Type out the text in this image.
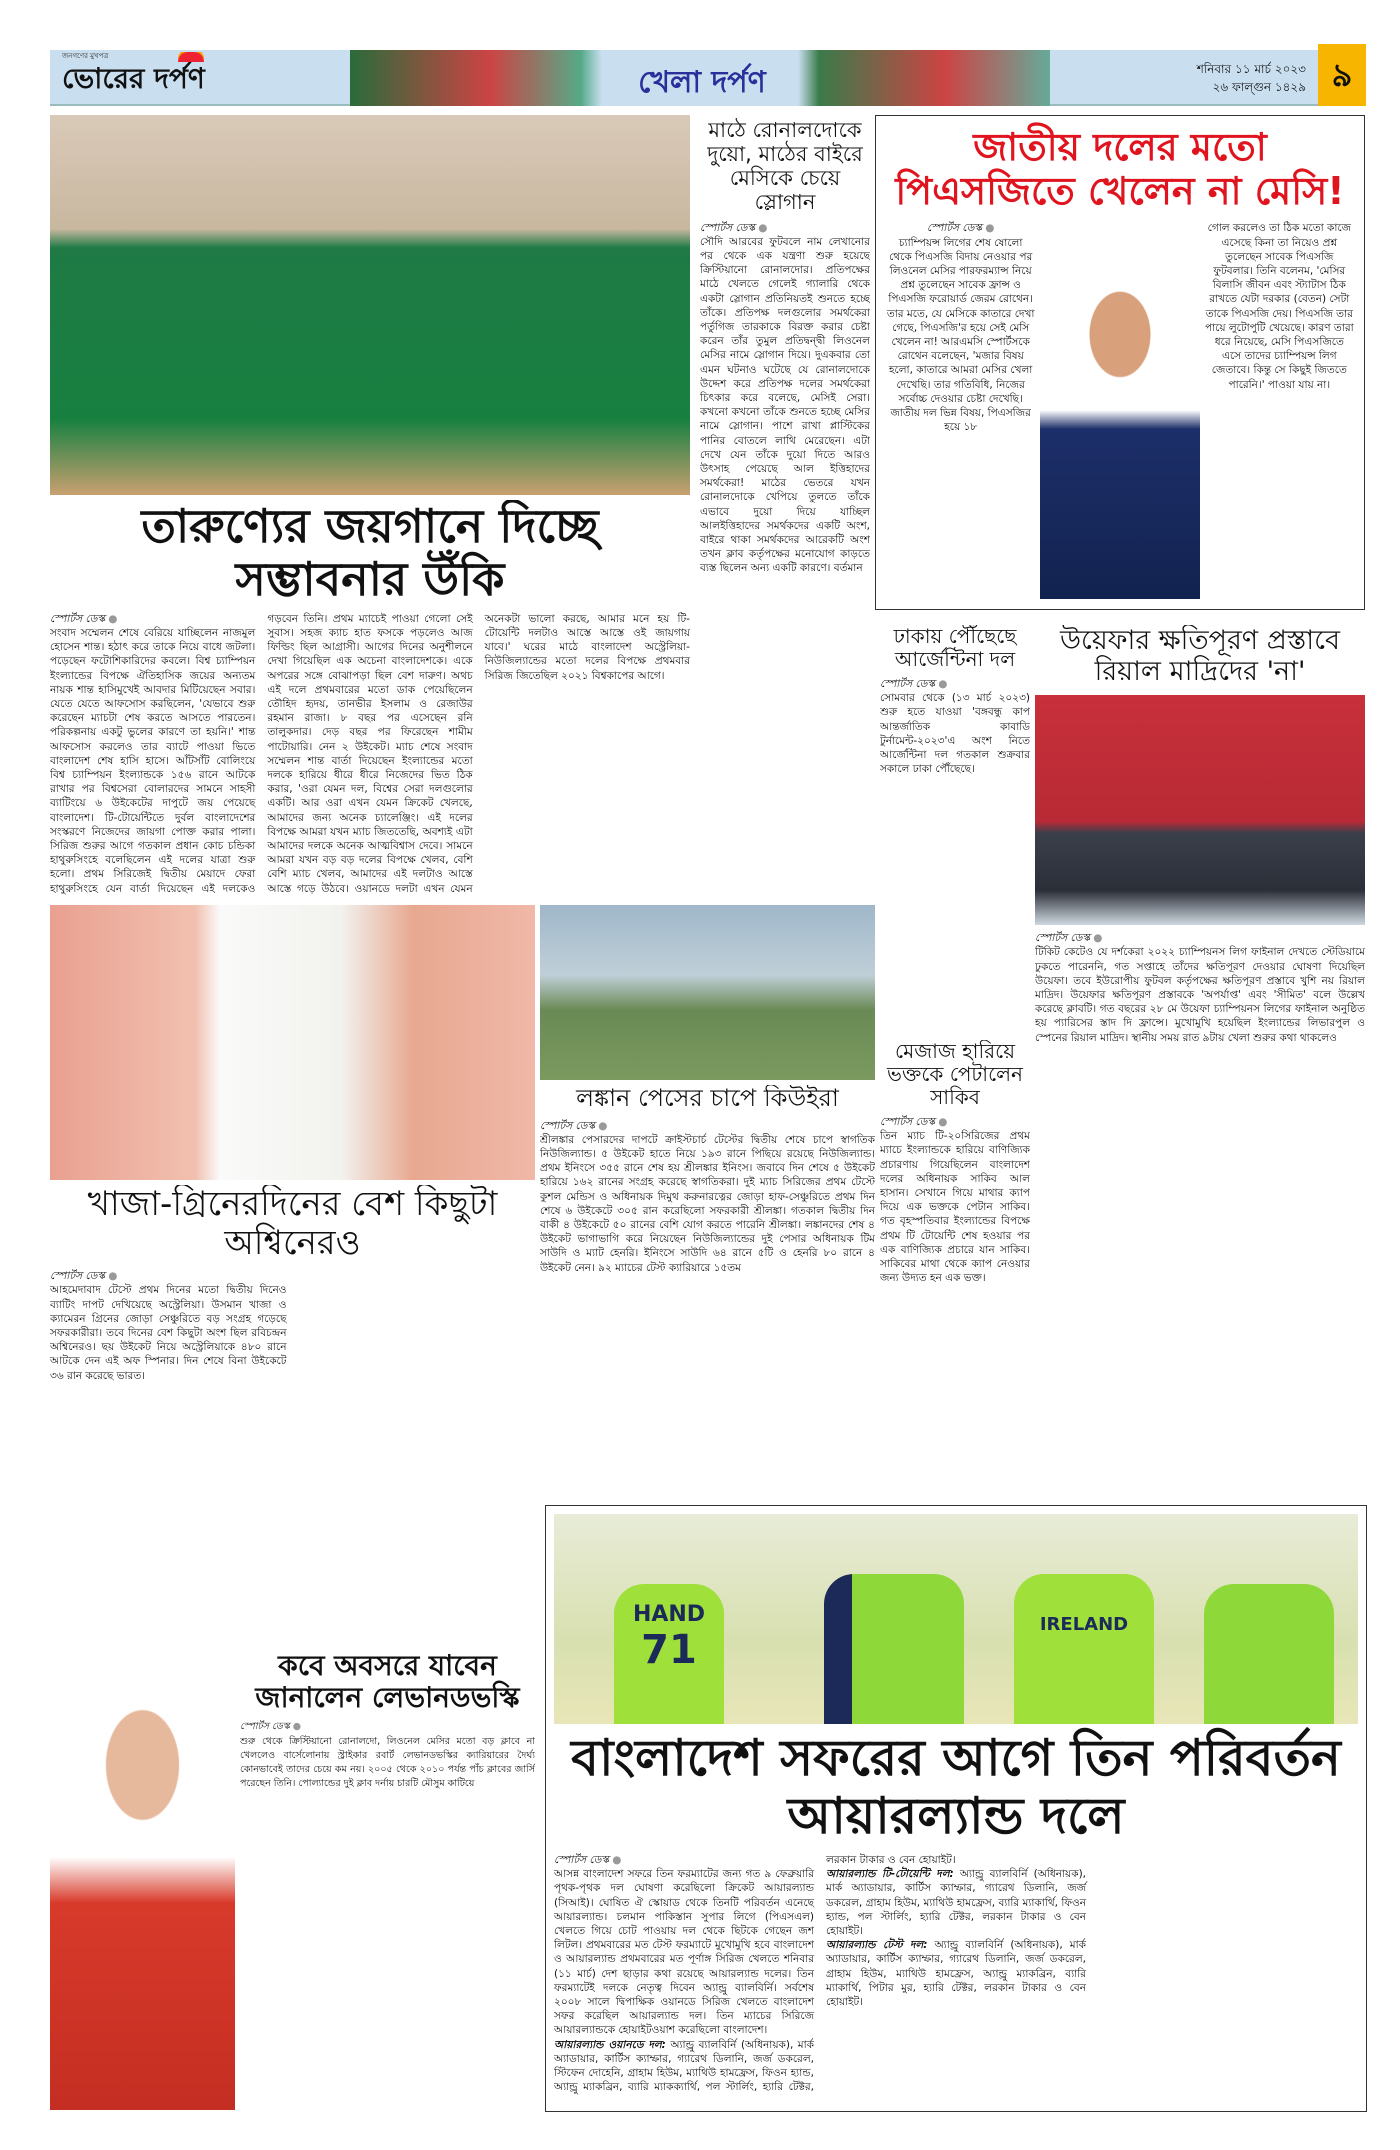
জনগণের মুখপত্র
ভোরের দর্পণ	খেলা দর্পণ	শনিবার ১১ মার্চ ২০২৩
২৬ ফাল্গুন ১৪২৯ ৯
তারুণ্যের জয়গানে দিচ্ছে সম্ভাবনার উঁকি
স্পোর্টস ডেস্ক ●
সংবাদ সম্মেলন শেষে বেরিয়ে যাচ্ছিলেন নাজমুল হোসেন শান্ত। হঠাৎ করে তাকে নিয়ে বাধে জটলা। পড়েছেন ফটোশিকারিদের কবলে। বিশ্ব চ্যাম্পিয়ন ইংল্যান্ডের বিপক্ষে ঐতিহাসিক জয়ের অন্যতম নায়ক শান্ত হাসিমুখেই আবদার মিটিয়েছেন সবার। যেতে যেতে আফসোস করছিলেন, 'যেভাবে শুরু করেছেন ম্যাচটা শেষ করতে আসতে পারতেন। পরিকল্পনায় একটু ভুলের কারণে তা হয়নি।' শান্ত আফসোস করলেও তার ব্যাটে পাওয়া ভিতে বাংলাদেশ শেষ হাসি হাসে। আঁটসাঁট বোলিংয়ে বিশ্ব চ্যাম্পিয়ন ইংল্যান্ডকে ১৫৬ রানে আটকে রাখার পর বিশ্বসেরা বোলারদের সামনে সাহসী ব্যাটিংয়ে ৬ উইকেটের দাপুটে জয় পেয়েছে বাংলাদেশ। টি-টোয়েন্টিতে দুর্বল বাংলাদেশের সংস্করণে নিজেদের জায়গা পোক্ত করার পালা। সিরিজ শুরুর আগে গতকাল প্রধান কোচ চন্ডিকা হাথুরুসিংহে বলেছিলেন এই দলের যাত্রা শুরু হলো। প্রথম সিরিজেই দ্বিতীয় মেয়াদে ফেরা হাথুরুসিংহে যেন বার্তা দিয়েছেন এই দলকেও গড়বেন তিনি। প্রথম ম্যাচেই পাওয়া গেলো সেই সুবাস। সহজ ক্যাচ হাত ফসকে পড়লেও আজ ফিল্ডিং ছিল আগ্রাসী। আগের দিনের অনুশীলনে দেখা গিয়েছিল এক অচেনা বাংলাদেশকে। একে অপরের সঙ্গে বোঝাপড়া ছিল বেশ দারুণ। অথচ এই দলে প্রথমবারের মতো ডাক পেয়েছিলেন তৌহিদ হৃদয়, তানভীর ইসলাম ও রেজাউর রহমান রাজা। ৮ বছর পর এসেছেন রনি তালুকদার। দেড় বছর পর ফিরেছেন শামীম পাটোয়ারি। নেন ২ উইকেট। ম্যাচ শেষে সংবাদ সম্মেলন শান্ত বার্তা দিয়েছেন ইংল্যান্ডের মতো দলকে হারিয়ে ধীরে ধীরে নিজেদের ভিত ঠিক করার, 'ওরা যেমন দল, বিশ্বের সেরা দলগুলোর একটি। আর ওরা এখন যেমন ক্রিকেট খেলছে, আমাদের জন্য অনেক চ্যালেঞ্জিং। এই দলের বিপক্ষে আমরা যখন ম্যাচ জিততেছি, অবশ্যই এটা আমাদের দলকে অনেক আত্মবিশ্বাস দেবে। সামনে আমরা যখন বড় বড় দলের বিপক্ষে খেলব, বেশি বেশি ম্যাচ খেলব, আমাদের এই দলটাও আস্তে আস্তে গড়ে উঠবে। ওয়ানডে দলটা এখন যেমন অনেকটা ভালো করছে, আমার মনে হয় টি-টোয়েন্টি দলটাও আস্তে আস্তে ওই জায়গায় যাবে।' ঘরের মাঠে বাংলাদেশ অস্ট্রেলিয়া-নিউজিল্যান্ডের মতো দলের বিপক্ষে প্রথমবার সিরিজ জিতেছিল ২০২১ বিশ্বকাপের আগে।
মাঠে রোনালদোকে দুয়ো, মাঠের বাইরে মেসিকে চেয়ে স্লোগান
স্পোর্টস ডেস্ক ●
সৌদি আরবের ফুটবলে নাম লেখানোর পর থেকে এক যন্ত্রণা শুরু হয়েছে ক্রিস্টিয়ানো রোনালদোর। প্রতিপক্ষের মাঠে খেলতে গেলেই গ্যালারি থেকে একটা স্লোগান প্রতিনিয়তই শুনতে হচ্ছে তাঁকে। প্রতিপক্ষ দলগুলোর সমর্থকেরা পর্তুগিজ তারকাকে বিরক্ত করার চেষ্টা করেন তাঁর তুমুল প্রতিদ্বন্দ্বী লিওনেল মেসির নামে স্লোগান দিয়ে। দুএকবার তো এমন ঘটনাও ঘটেছে যে রোনালদোকে উদ্দেশ করে প্রতিপক্ষ দলের সমর্থকেরা চিৎকার করে বলেছে, মেসিই সেরা। কখনো কখনো তাঁকে শুনতে হচ্ছে মেসির নামে স্লোগান। পাশে রাখা প্লাস্টিকের পানির বোতলে লাথি মেরেছেন। এটা দেখে যেন তাঁকে দুয়ো দিতে আরও উৎসাহ পেয়েছে আল ইত্তিহাদের সমর্থকেরা! মাঠের ভেতরে যখন রোনালদোকে খেপিয়ে তুলতে তাঁকে এভাবে দুয়ো দিয়ে যাচ্ছিল আলইত্তিহাদের সমর্থকদের একটি অংশ, বাইরে থাকা সমর্থকদের আরেকটি অংশ তখন ক্লাব কর্তৃপক্ষের মনোযোগ কাড়তে ব্যস্ত ছিলেন অন্য একটি কারণে। বর্তমান
জাতীয় দলের মতো পিএসজিতে খেলেন না মেসি!
স্পোর্টস ডেস্ক ●
চ্যাম্পিয়ন্স লিগের শেষ ষোলো থেকে পিএসজি বিদায় নেওয়ার পর লিওনেল মেসির পারফরম্যান্স নিয়ে প্রশ্ন তুলেছেন সাবেক ফ্রান্স ও পিএসজি ফরোয়ার্ড জেরম রোথেন। তার মতে, যে মেসিকে কাতারে দেখা গেছে, পিএসজি'র হয়ে সেই মেসি খেলেন না! আরএমসি স্পোর্টসকে রোথেন বলেছেন, 'মজার বিষয় হলো, কাতারে আমরা মেসির খেলা দেখেছি। তার গতিবিধি, নিজের সর্বোচ্চ দেওয়ার চেষ্টা দেখেছি। জাতীয় দল ভিন্ন বিষয়, পিএসজির হয়ে ১৮
গোল করলেও তা ঠিক মতো কাজে এসেছে কিনা তা নিয়েও প্রশ্ন তুলেছেন সাবেক পিএসজি ফুটবলার। তিনি বলেনম, 'মেসির বিলাসি জীবন এবং স্ট্যাটাস ঠিক রাখতে যেটা দরকার (বেতন) সেটা তাকে পিএসজি দেয়। পিএসজি তার পায়ে লুটোপুটি খেয়েছে। কারণ তারা ধরে নিয়েছে, মেসি পিএসজিতে এসে তাদের চ্যাম্পিয়ন্স লিগ জেতাবে। কিন্তু সে কিছুই জিততে পারেনি।' পাওয়া যায় না।
ঢাকায় পৌঁছেছে আর্জেন্টিনা দল
স্পোর্টস ডেস্ক ●
সোমবার থেকে (১৩ মার্চ ২০২৩) শুরু হতে যাওয়া 'বঙ্গবন্ধু কাপ আন্তর্জাতিক কাবাডি টুর্নামেন্ট-২০২৩'এ অংশ নিতে আর্জেন্টিনা দল গতকাল শুক্রবার সকালে ঢাকা পৌঁছেছে।
মেজাজ হারিয়ে ভক্তকে পেটালেন সাকিব
স্পোর্টস ডেস্ক ●
তিন ম্যাচ টি-২০সিরিজের প্রথম ম্যাচে ইংল্যান্ডকে হারিয়ে বাণিজ্যিক প্রচারণায় গিয়েছিলেন বাংলাদেশ দলের অধিনায়ক সাকিব আল হাসান। সেখানে গিয়ে মাথার ক্যাপ দিয়ে এক ভক্তকে পেটান সাকিব। গত বৃহস্পতিবার ইংল্যান্ডের বিপক্ষে প্রথম টি টোয়েন্টি শেষ হওয়ার পর এক বাণিজ্যিক প্রচারে যান সাকিব। সাকিবের মাথা থেকে ক্যাপ নেওয়ার জন্য উদ্যত হন এক ভক্ত।
উয়েফার ক্ষতিপূরণ প্রস্তাবে রিয়াল মাদ্রিদের 'না'
স্পোর্টস ডেস্ক ●
টিকিট কেটেও যে দর্শকেরা ২০২২ চ্যাম্পিয়নস লিগ ফাইনাল দেখতে স্টেডিয়ামে ঢুকতে পারেননি, গত সপ্তাহে তাঁদের ক্ষতিপূরণ দেওয়ার ঘোষণা দিয়েছিল উয়েফা। তবে ইউরোপীয় ফুটবল কর্তৃপক্ষের ক্ষতিপূরণ প্রস্তাবে খুশি নয় রিয়াল মাদ্রিদ। উয়েফার ক্ষতিপূরণ প্রস্তাবকে 'অপর্যাপ্ত' এবং 'সীমিত' বলে উল্লেখ করেছে ক্লাবটি। গত বছরের ২৮ মে উয়েফা চ্যাম্পিয়নস লিগের ফাইনাল অনুষ্ঠিত হয় প্যারিসের স্তাদ দি ফ্রান্সে। মুখোমুখি হয়েছিল ইংল্যান্ডের লিভারপুল ও স্পেনের রিয়াল মাদ্রিদ। স্থানীয় সময় রাত ৯টায় খেলা শুরুর কথা থাকলেও
খাজা-গ্রিনেরদিনের বেশ কিছুটা অশ্বিনেরও
স্পোর্টস ডেস্ক ●
আহমেদাবাদ টেস্টে প্রথম দিনের মতো দ্বিতীয় দিনেও ব্যাটিং দাপট দেখিয়েছে অস্ট্রেলিয়া। উসমান খাজা ও ক্যামেরন গ্রিনের জোড়া সেঞ্চুরিতে বড় সংগ্রহ গড়েছে সফরকারীরা। তবে দিনের বেশ কিছুটা অংশ ছিল রবিচন্দ্রন অশ্বিনেরও। ছয় উইকেট নিয়ে অস্ট্রেলিয়াকে ৪৮০ রানে আটকে দেন এই অফ স্পিনার। দিন শেষে বিনা উইকেটে ৩৬ রান করেছে ভারত।
লঙ্কান পেসের চাপে কিউইরা
স্পোর্টস ডেস্ক ●
শ্রীলঙ্কার পেসারদের দাপটে ক্রাইস্টচার্চ টেস্টের দ্বিতীয় শেষে চাপে স্বাগতিক নিউজিল্যান্ড। ৫ উইকেট হাতে নিয়ে ১৯৩ রানে পিছিয়ে রয়েছে নিউজিল্যান্ড। প্রথম ইনিংসে ৩৫৫ রানে শেষ হয় শ্রীলঙ্কার ইনিংস। জবাবে দিন শেষে ৫ উইকেট হারিয়ে ১৬২ রানের সংগ্রহ করেছে স্বাগতিকরা। দুই ম্যাচ সিরিজের প্রথম টেস্টে কুশল মেন্ডিস ও অধিনায়ক দিমুথ করুনারত্নের জোড়া হাফ-সেঞ্চুরিতে প্রথম দিন শেষে ৬ উইকেটে ৩০৫ রান করেছিলো সফরকারী শ্রীলঙ্কা। গতকাল দ্বিতীয় দিন বাকী ৪ উইকেটে ৫০ রানের বেশি যোগ করতে পারেনি শ্রীলঙ্কা। লঙ্কানদের শেষ ৪ উইকেট ভাগাভাগি করে নিয়েছেন নিউজিল্যান্ডের দুই পেসার অধিনায়ক টিম সাউদি ও ম্যাট হেনরি। ইনিংসে সাউদি ৬৪ রানে ৫টি ও হেনরি ৮০ রানে ৪ উইকেট নেন। ৯২ ম্যাচের টেস্ট ক্যারিয়ারে ১৫তম
কবে অবসরে যাবেন জানালেন লেভানডভস্কি
স্পোর্টস ডেস্ক ●
শুরু থেকে ক্রিস্টিয়ানো রোনালদো, লিওনেল মেসির মতো বড় ক্লাবে না খেললেও বার্সেলোনায় স্ট্রাইকার রবার্ট লেভানডভস্কির ক্যারিয়ারের দৈর্ঘ্য কোনভাবেই তাদের চেয়ে কম নয়। ২০০৫ থেকে ২০১০ পর্যন্ত পাঁচ ক্লাবের জার্সি পরেছেন তিনি। পোল্যান্ডের দুই ক্লাব দর্নায় চারটি মৌসুম কাটিয়ে
HAND
71
IRELAND
বাংলাদেশ সফরের আগে তিন পরিবর্তন আয়ারল্যান্ড দলে
স্পোর্টস ডেস্ক ●
আসন্ন বাংলাদেশ সফরে তিন ফরম্যাটের জন্য গত ৯ ফেব্রুয়ারি পৃথক-পৃথক দল ঘোষণা করেছিলো ক্রিকেট আয়ারল্যান্ড (সিআই)। ঘোষিত ঐ স্কোয়াড থেকে তিনটি পরিবর্তন এনেছে আয়ারল্যান্ড। চলমান পাকিস্তান সুপার লিগে (পিএসএল) খেলতে গিয়ে চোট পাওয়ায় দল থেকে ছিটকে গেছেন জশ লিটল। প্রথমবারের মত টেস্ট ফরম্যাটে মুখোমুখি হবে বাংলাদেশ ও আয়ারল্যান্ড প্রথমবারের মত পূর্ণাঙ্গ সিরিজ খেলতে শনিবার (১১ মার্চ) দেশ ছাড়ার কথা রয়েছে আয়ারল্যান্ড দলের। তিন ফরম্যাটেই দলকে নেতৃত্ব দিবেন অ্যান্ড্রু ব্যালবির্নি। সর্বশেষ ২০০৮ সালে দ্বিপাক্ষিক ওয়ানডে সিরিজ খেলতে বাংলাদেশ সফর করেছিল আয়ারল্যান্ড দল। তিন ম্যাচের সিরিজে আয়ারল্যান্ডকে হোয়াইটওয়াশ করেছিলো বাংলাদেশ।
আয়ারল্যান্ড ওয়ানডে দল: অ্যান্ড্রু ব্যালবির্নি (অধিনায়ক), মার্ক অ্যাডায়ার, কার্টিস ক্যাম্ফার, গ্যারেথ ডিলানি, জর্জ ডকরেল, স্টিফেন দোহেনি, গ্রাহাম হিউম, ম্যাথিউ হামফ্রেস, ফিওন হ্যান্ড, অ্যান্ড্রু ম্যাকব্রিন, ব্যারি ম্যাকক্যার্থি, পল স্টার্লিং, হ্যারি টেক্টর, লরকান টাকার ও বেন হোয়াইট।
আয়ারল্যান্ড টি-টোয়েন্টি দল: অ্যান্ড্রু ব্যালবির্নি (অধিনায়ক), মার্ক অ্যাডায়ার, কার্টিস ক্যাম্ফার, গ্যারেথ ডিলানি, জর্জ ডকরেল, গ্রাহাম হিউম, ম্যাথিউ হামফ্রেস, ব্যারি ম্যাকার্থি, ফিওন হ্যান্ড, পল স্টার্লিং, হ্যারি টেক্টর, লরকান টাকার ও বেন হোয়াইট।
আয়ারল্যান্ড টেস্ট দল: অ্যান্ড্রু ব্যালবির্নি (অধিনায়ক), মার্ক অ্যাডায়ার, কার্টিস ক্যাম্ফার, গ্যারেথ ডিলানি, জর্জ ডকরেল, গ্রাহাম হিউম, ম্যাথিউ হামফ্রেস, অ্যান্ড্রু ম্যাকব্রিন, ব্যারি ম্যাকার্থি, পিটার মুর, হ্যারি টেক্টর, লরকান টাকার ও বেন হোয়াইট।
